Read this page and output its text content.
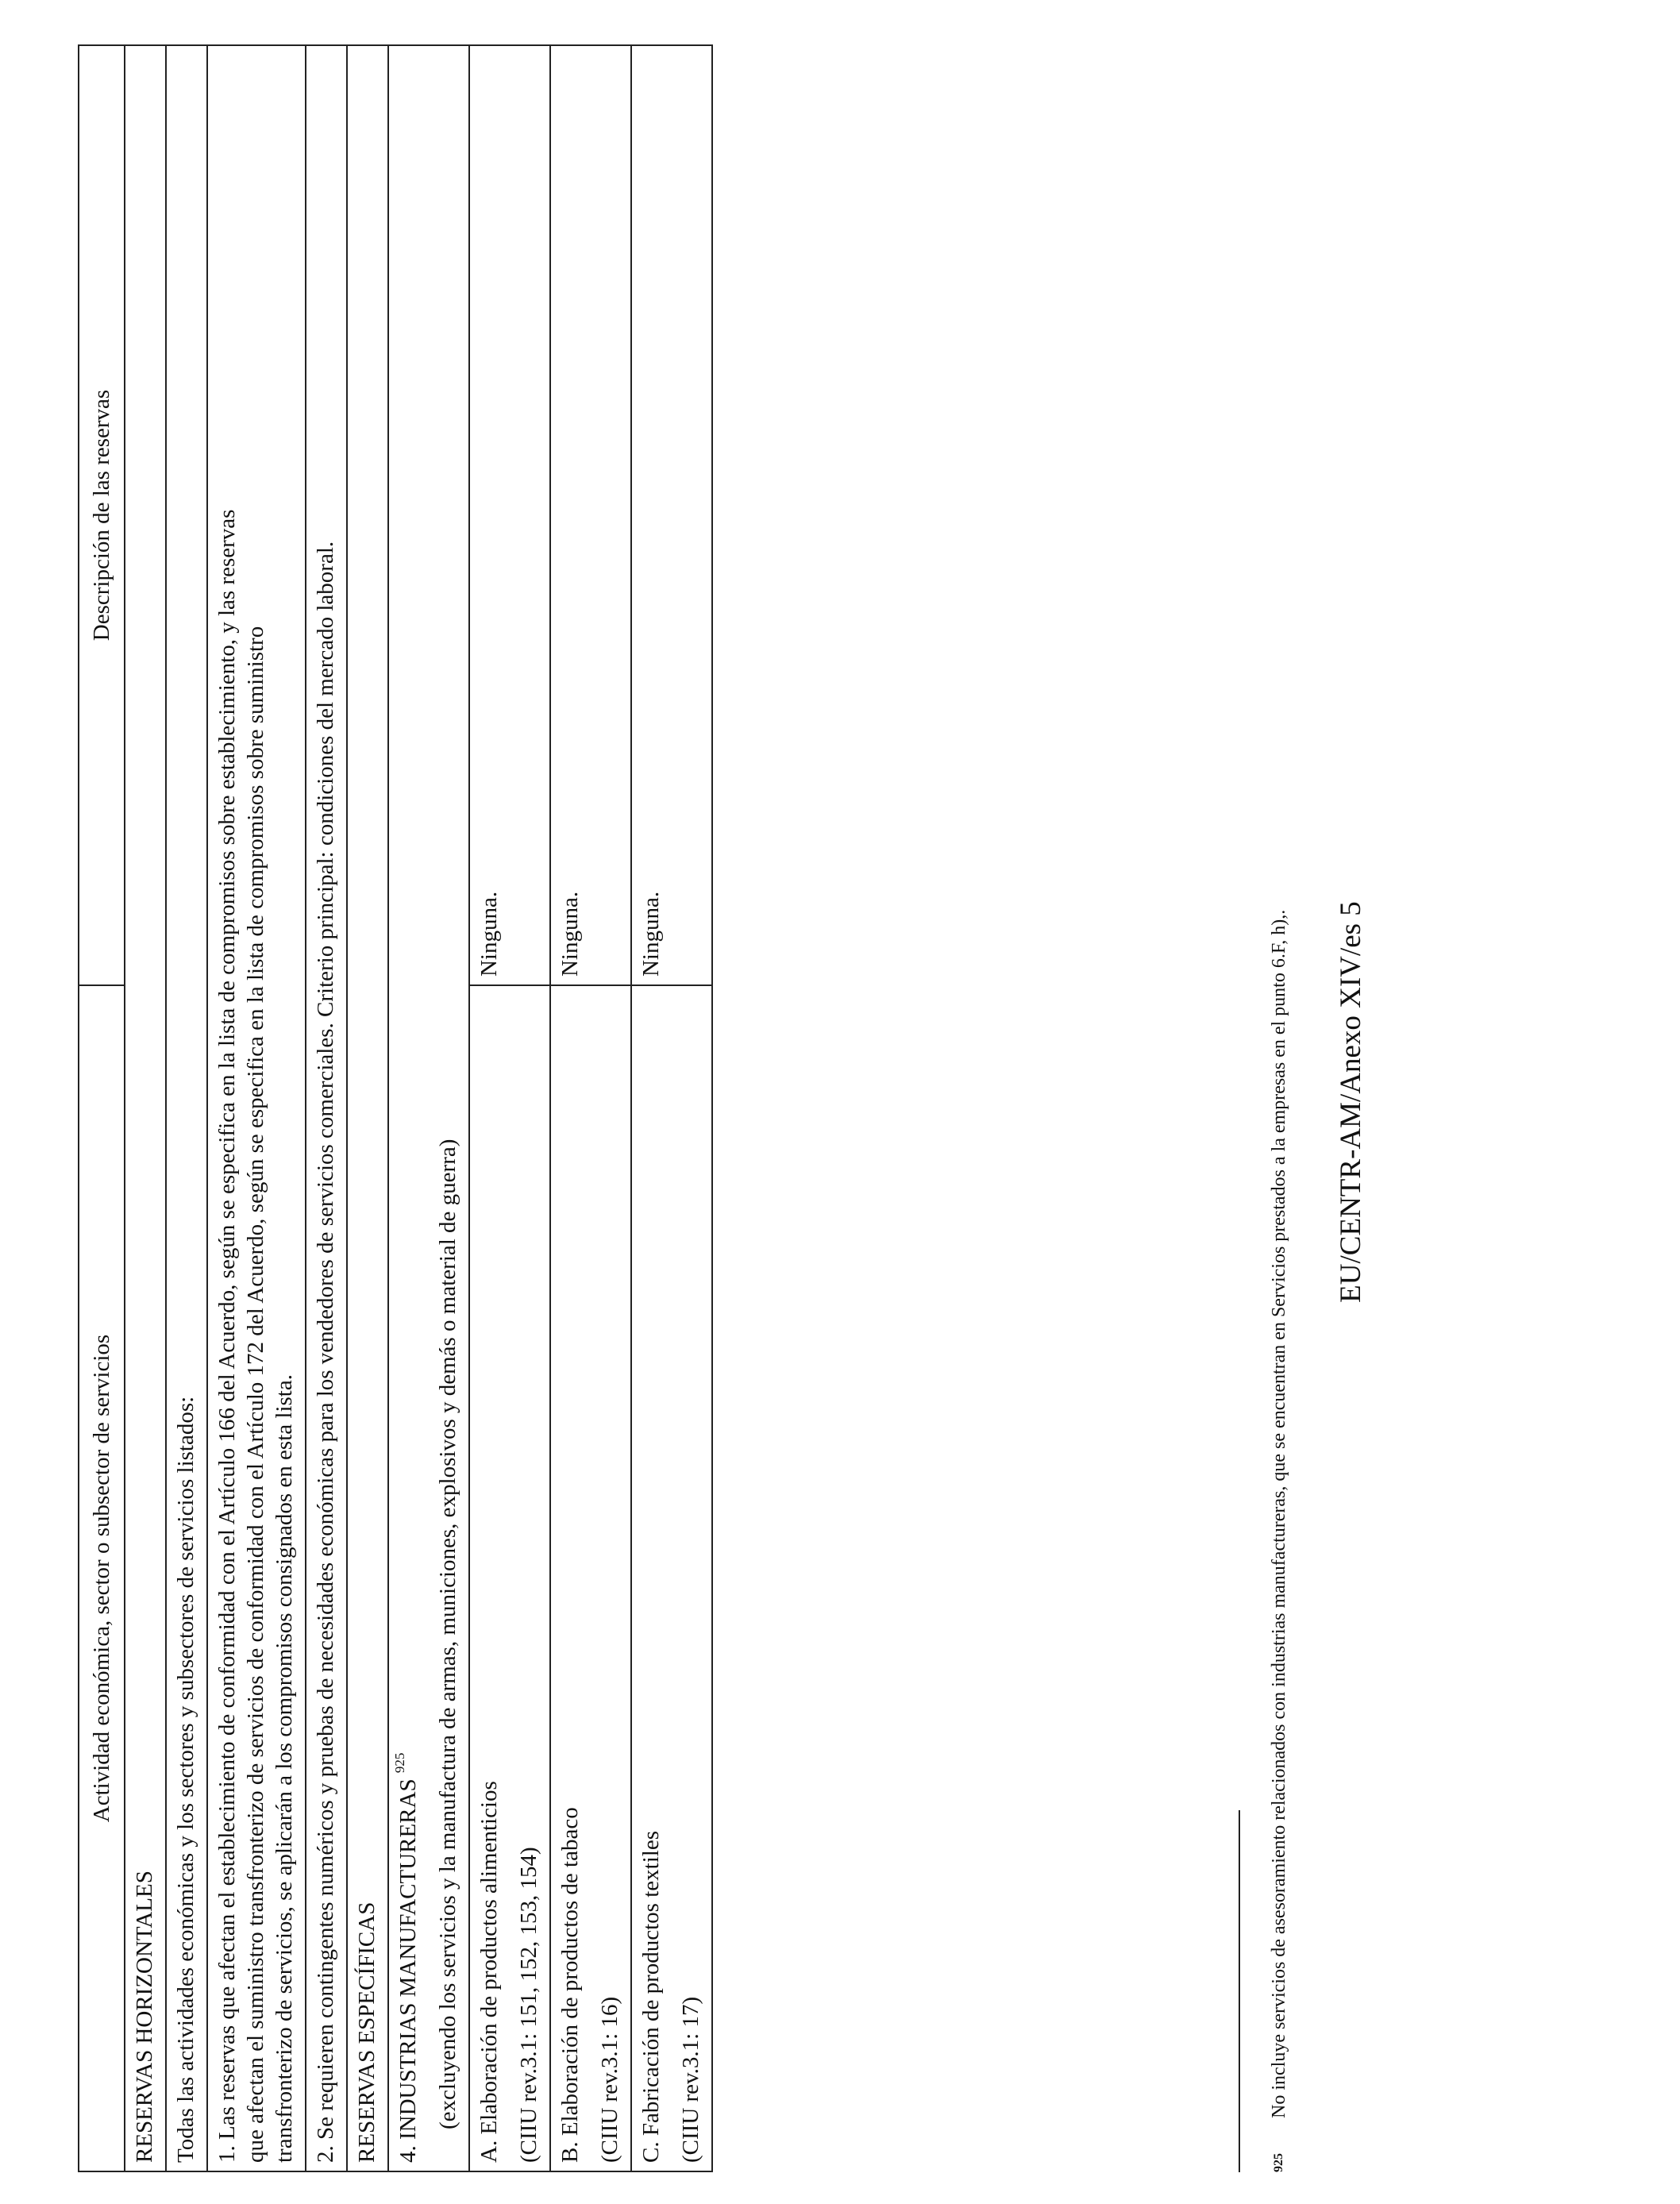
Actividad económica, sector o subsector de servicios	Descripción de las reservas
RESERVAS HORIZONTALES	
Todas las actividades económicas y los sectores y subsectores de servicios listados:	

1. Las reservas que afectan el establecimiento de conformidad con el Artículo 166 del Acuerdo, según se especifica en la lista de compromisos sobre establecimiento, y las reservas que afectan el suministro transfronterizo de servicios de conformidad con el Artículo 172 del Acuerdo, según se especifica en la lista de compromisos sobre suministro transfronterizo de servicios, se aplicarán a los compromisos consignados en esta lista.	

2. Se requieren contingentes numéricos y pruebas de necesidades económicas para los vendedores de servicios comerciales. Criterio principal: condiciones del mercado laboral.	
RESERVAS ESPECÍFICAS	

4. INDUSTRIAS MANUFACTURERAS $^{925}$ (excluyendo los servicios y la manufactura de armas, municiones, explosivos y demás o material de guerra)	

A. Elaboración de productos alimenticios (CIIU rev.3.1: 151, 152, 153, 154)	Ninguna.

B. Elaboración de productos de tabaco (CIIU rev.3.1: 16)	Ninguna.

C. Fabricación de productos textiles (CIIU rev.3.1: 17)	Ninguna.
925No incluye servicios de asesoramiento relacionados con industrias manufactureras, que se encuentran en Servicios prestados a la empresas en el punto 6.F, h),. EU/CENTR-AM/Anexo XIV/es 5
